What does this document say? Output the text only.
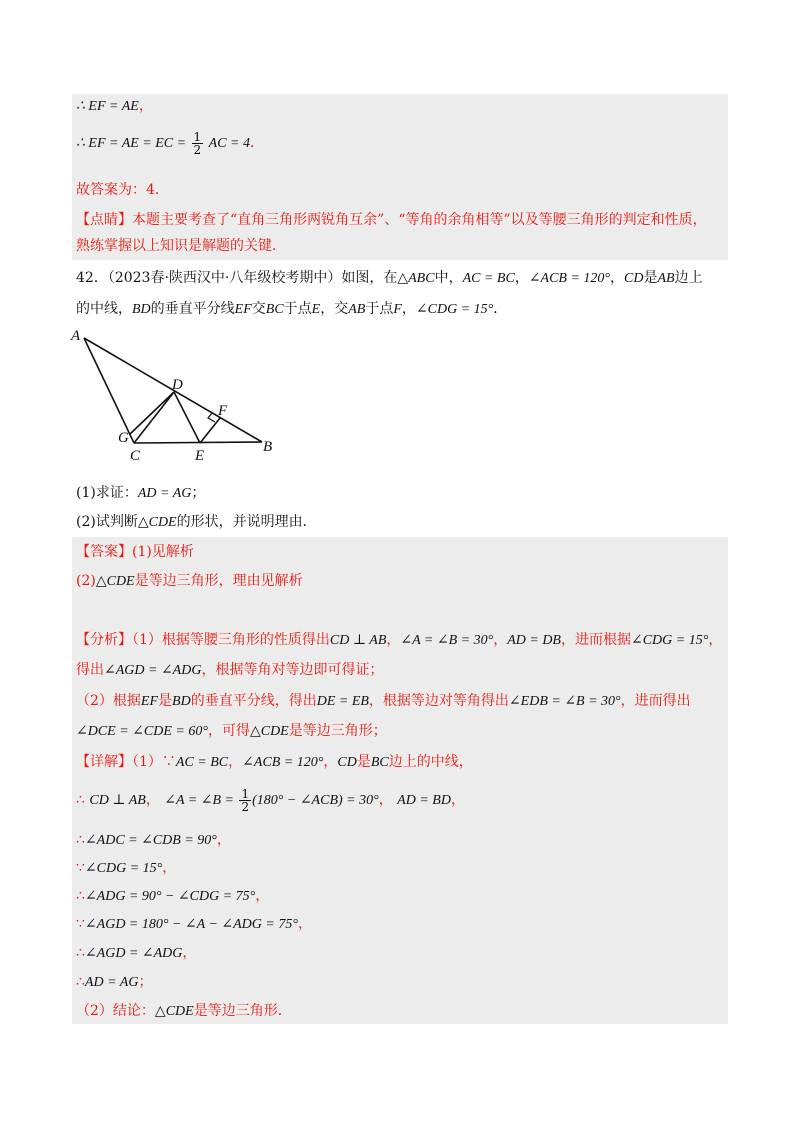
∴ EF = AE，
∴ EF = AE = EC = $\frac{1}{2}$ AC = 4．
故答案为：4．
【点睛】本题主要考查了“直角三角形两锐角互余”、“等角的余角相等”以及等腰三角形的判定和性质，
熟练掌握以上知识是解题的关键．
42．（2023春·陕西汉中·八年级校考期中）如图，在△ABC中，AC = BC，∠ACB = 120°，CD是AB边上
的中线，BD的垂直平分线EF交BC于点E，交AB于点F，∠CDG = 15°．
A
D
F
G
C	E
B
(1)求证：AD = AG；
(2)试判断△CDE的形状，并说明理由．
【答案】(1)见解析
(2)△CDE是等边三角形，理由见解析
【分析】（1）根据等腰三角形的性质得出CD ⊥ AB，∠A = ∠B = 30°，AD = DB，进而根据∠CDG = 15°，
得出∠AGD = ∠ADG，根据等角对等边即可得证；
（2）根据EF是BD的垂直平分线，得出DE = EB，根据等边对等角得出∠EDB = ∠B = 30°，进而得出
∠DCE = ∠CDE = 60°，可得△CDE是等边三角形；
【详解】（1）∵AC = BC，∠ACB = 120°，CD是BC边上的中线，
∴ CD ⊥ AB， ∠A = ∠B = $\frac{1}{2} (180^\circ$ − ∠ACB) = 30°， AD = BD，
∴∠ADC = ∠CDB = 90°，
∵∠CDG = 15°，
∴∠ADG = 90° − ∠CDG = 75°，
∵∠AGD = 180° − ∠A − ∠ADG = 75°，
∴∠AGD = ∠ADG，
∴AD = AG；
（2）结论：△CDE是等边三角形．
